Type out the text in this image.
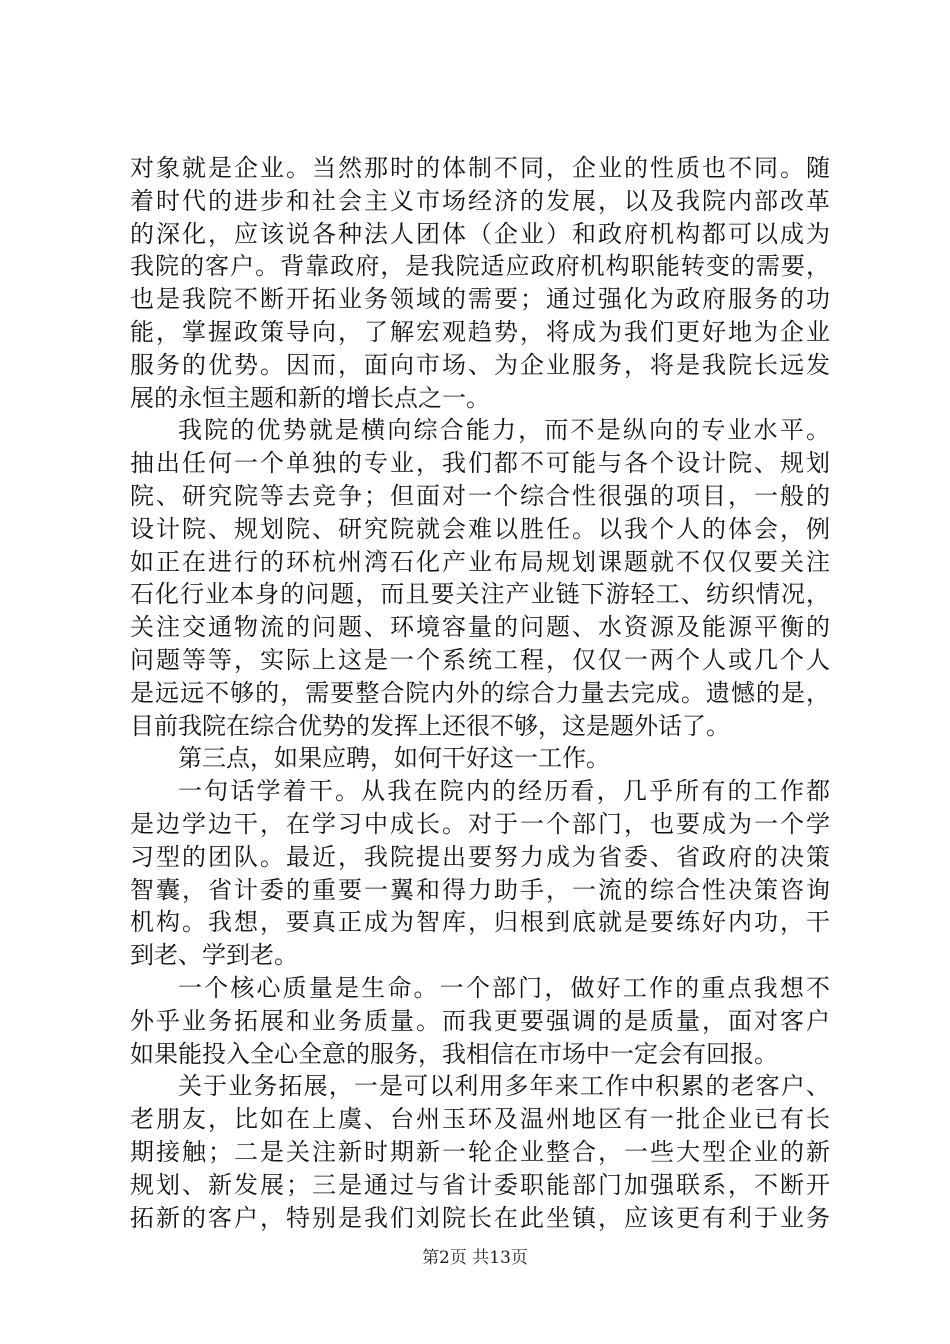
对象就是企业。当然那时的体制不同，企业的性质也不同。随
着时代的进步和社会主义市场经济的发展，以及我院内部改革
的深化，应该说各种法人团体（企业）和政府机构都可以成为
我院的客户。背靠政府，是我院适应政府机构职能转变的需要，
也是我院不断开拓业务领域的需要；通过强化为政府服务的功
能，掌握政策导向，了解宏观趋势，将成为我们更好地为企业
服务的优势。因而，面向市场、为企业服务，将是我院长远发
展的永恒主题和新的增长点之一。
我院的优势就是横向综合能力，而不是纵向的专业水平。
抽出任何一个单独的专业，我们都不可能与各个设计院、规划
院、研究院等去竞争；但面对一个综合性很强的项目，一般的
设计院、规划院、研究院就会难以胜任。以我个人的体会，例
如正在进行的环杭州湾石化产业布局规划课题就不仅仅要关注
石化行业本身的问题，而且要关注产业链下游轻工、纺织情况，
关注交通物流的问题、环境容量的问题、水资源及能源平衡的
问题等等，实际上这是一个系统工程，仅仅一两个人或几个人
是远远不够的，需要整合院内外的综合力量去完成。遗憾的是，
目前我院在综合优势的发挥上还很不够，这是题外话了。
第三点，如果应聘，如何干好这一工作。
一句话学着干。从我在院内的经历看，几乎所有的工作都
是边学边干，在学习中成长。对于一个部门，也要成为一个学
习型的团队。最近，我院提出要努力成为省委、省政府的决策
智囊，省计委的重要一翼和得力助手，一流的综合性决策咨询
机构。我想，要真正成为智库，归根到底就是要练好内功，干
到老、学到老。
一个核心质量是生命。一个部门，做好工作的重点我想不
外乎业务拓展和业务质量。而我更要强调的是质量，面对客户
如果能投入全心全意的服务，我相信在市场中一定会有回报。
关于业务拓展，一是可以利用多年来工作中积累的老客户、
老朋友，比如在上虞、台州玉环及温州地区有一批企业已有长
期接触；二是关注新时期新一轮企业整合，一些大型企业的新
规划、新发展；三是通过与省计委职能部门加强联系，不断开
拓新的客户，特别是我们刘院长在此坐镇，应该更有利于业务
第2页 共13页
